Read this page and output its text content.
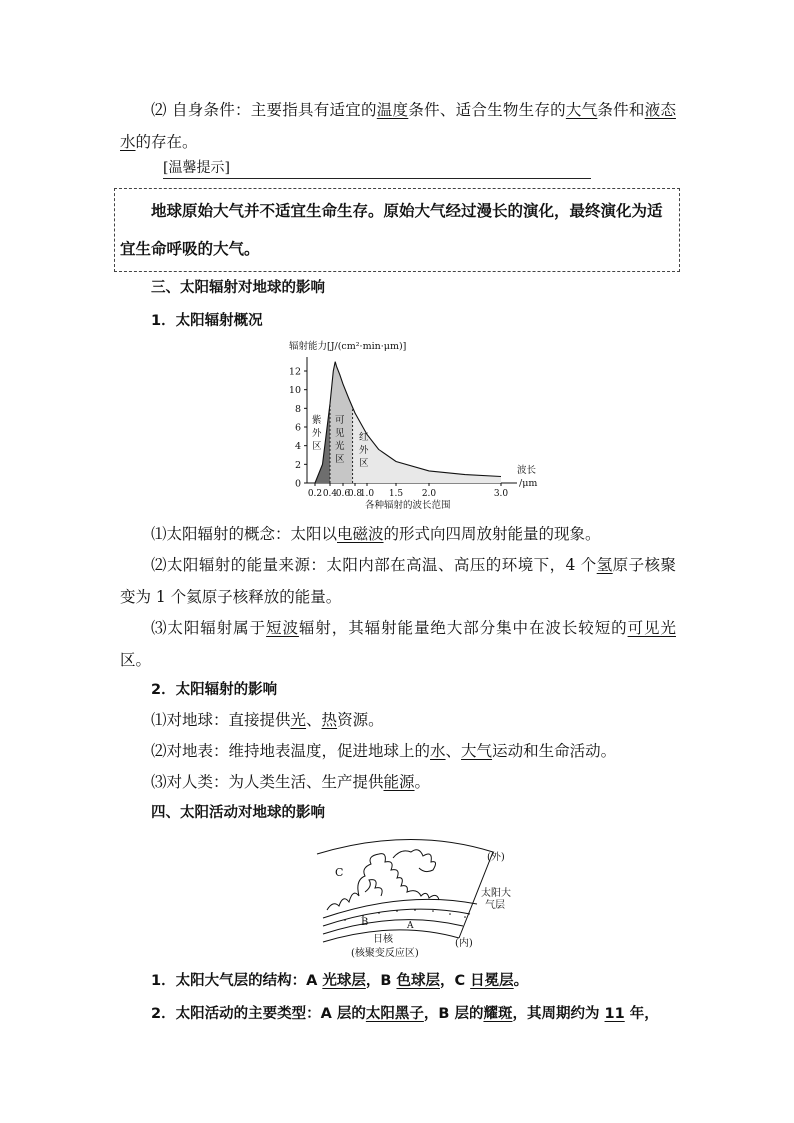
⑵ 自身条件：主要指具有适宜的温度条件、适合生物生存的大气条件和液态水的存在。
[温馨提示]
地球原始大气并不适宜生命生存。原始大气经过漫长的演化，最终演化为适宜生命呼吸的大气。
三、太阳辐射对地球的影响
1．太阳辐射概况
辐射能力[J/(cm²·min·μm)]
0
2
4
6
8
10
12
0.2 0.4
0.6
0.8
1.0 1.5 2.0	3.0
紫
外
区
可
见
光
区
红
外
区
波长
/μm
各种辐射的波长范围
⑴太阳辐射的概念：太阳以电磁波的形式向四周放射能量的现象。
⑵太阳辐射的能量来源：太阳内部在高温、高压的环境下，4 个氢原子核聚变为 1 个氦原子核释放的能量。
⑶太阳辐射属于短波辐射，其辐射能量绝大部分集中在波长较短的可见光区。
2．太阳辐射的影响
⑴对地球：直接提供光、热资源。
⑵对地表：维持地表温度，促进地球上的水、大气运动和生命活动。
⑶对人类：为人类生活、生产提供能源。
四、太阳活动对地球的影响
C
B	A
(外)
(内)
太阳大
气层
日核
(核聚变反应区)
1．太阳大气层的结构：A 光球层，B 色球层，C 日冕层。
2．太阳活动的主要类型：A 层的太阳黑子，B 层的耀斑，其周期约为 11 年，
